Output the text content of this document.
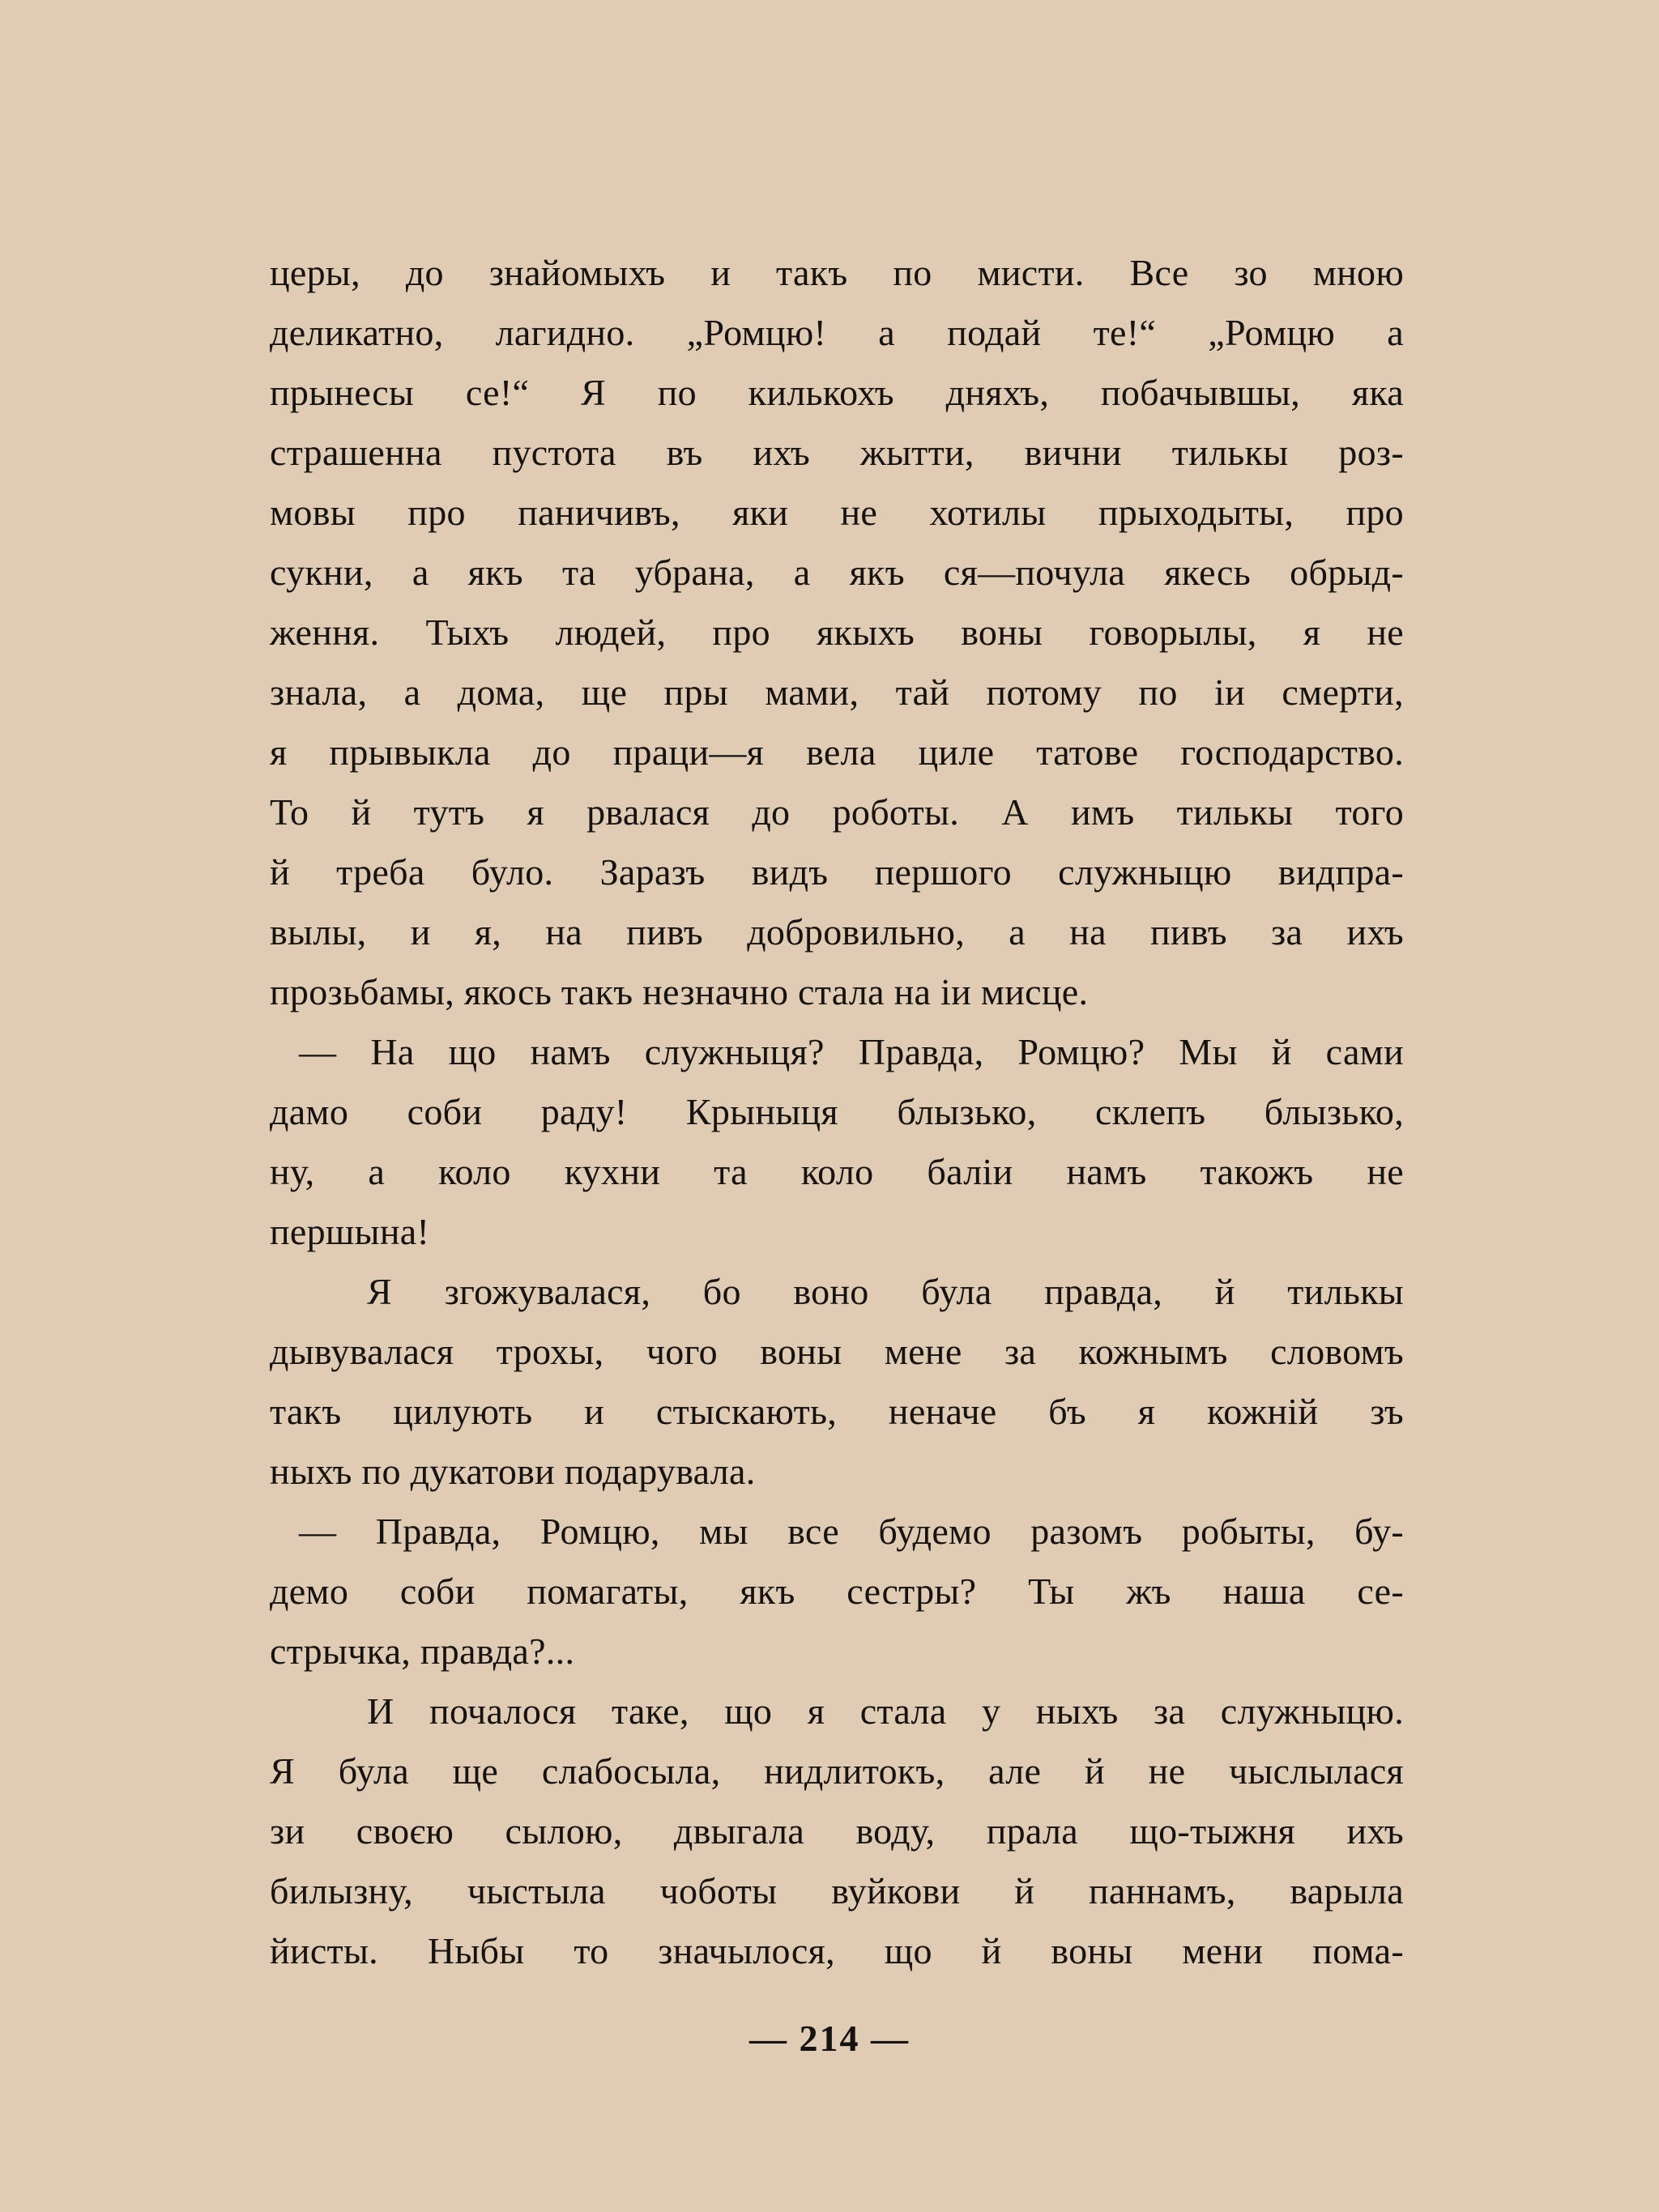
церы, до знайомыхъ и такъ по мисти. Все зо мною
деликатно, лагидно. „Ромцю! а подай те!“ „Ромцю а
прынесы се!“ Я по килькохъ дняхъ, побачывшы, яка
страшенна пустота въ ихъ жытти, вични тилькы роз-
мовы про паничивъ, яки не хотилы прыходыты, про
сукни, а якъ та убрана, а якъ ся—почула якесь обрыд-
ження. Тыхъ людей, про якыхъ воны говорылы, я не
знала, а дома, ще пры мами, тай потому по іи смерти,
я прывыкла до праци—я вела циле татове господарство.
То й тутъ я рвалася до роботы. А имъ тилькы того
й треба було. Заразъ видъ першого служныцю видпра-
вылы, и я, на пивъ добровильно, а на пивъ за ихъ
прозьбамы, якось такъ незначно стала на іи мисце.
— На що намъ служныця? Правда, Ромцю? Мы й сами
дамо соби раду! Крыныця блызько, склепъ блызько,
ну, а коло кухни та коло баліи намъ такожъ не
першына!
Я згожувалася, бо воно була правда, й тилькы
дывувалася трохы, чого воны мене за кожнымъ словомъ
такъ цилують и стыскають, неначе бъ я кожній зъ
ныхъ по дукатови подарувала.
— Правда, Ромцю, мы все будемо разомъ робыты, бу-
демо соби помагаты, якъ сестры? Ты жъ наша се-
стрычка, правда?...
И почалося таке, що я стала у ныхъ за служныцю.
Я була ще слабосыла, нидлитокъ, але й не чыслылася
зи своєю сылою, двыгала воду, прала що-тыжня ихъ
билызну, чыстыла чоботы вуйкови й паннамъ, варыла
йисты. Ныбы то значылося, що й воны мени пома-
— 214 —
